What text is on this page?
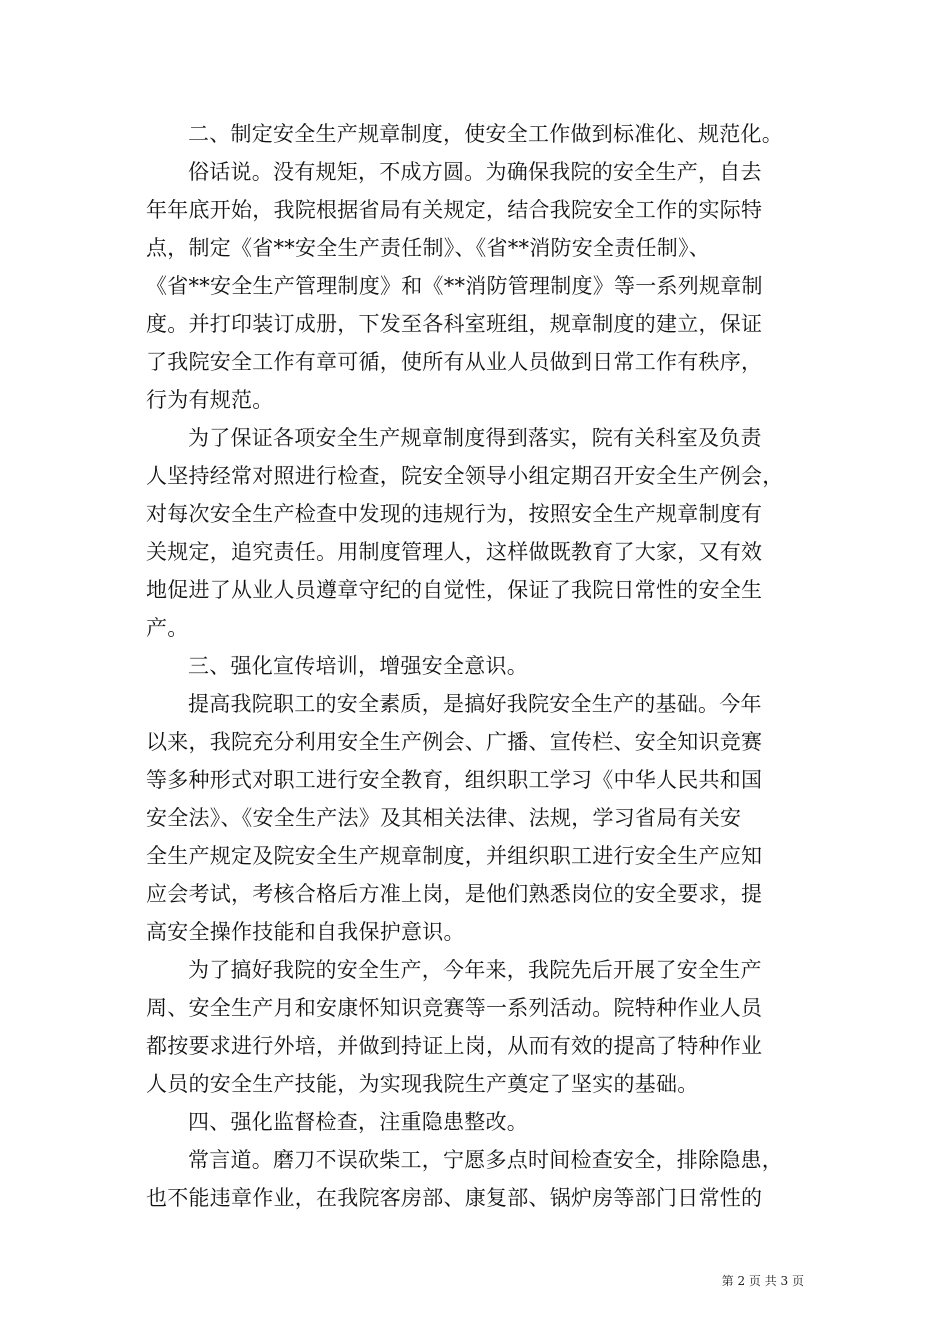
二、制定安全生产规章制度，使安全工作做到标准化、规范化。
俗话说。没有规矩，不成方圆。为确保我院的安全生产，自去
年年底开始，我院根据省局有关规定，结合我院安全工作的实际特
点，制定《省**安全生产责任制》、《省**消防安全责任制》、
《省**安全生产管理制度》和《**消防管理制度》等一系列规章制
度。并打印装订成册，下发至各科室班组，规章制度的建立，保证
了我院安全工作有章可循，使所有从业人员做到日常工作有秩序，
行为有规范。
为了保证各项安全生产规章制度得到落实，院有关科室及负责
人坚持经常对照进行检查，院安全领导小组定期召开安全生产例会，
对每次安全生产检查中发现的违规行为，按照安全生产规章制度有
关规定，追究责任。用制度管理人，这样做既教育了大家，又有效
地促进了从业人员遵章守纪的自觉性，保证了我院日常性的安全生
产。
三、强化宣传培训，增强安全意识。
提高我院职工的安全素质，是搞好我院安全生产的基础。今年
以来，我院充分利用安全生产例会、广播、宣传栏、安全知识竞赛
等多种形式对职工进行安全教育，组织职工学习《中华人民共和国
安全法》、《安全生产法》及其相关法律、法规，学习省局有关安
全生产规定及院安全生产规章制度，并组织职工进行安全生产应知
应会考试，考核合格后方准上岗，是他们熟悉岗位的安全要求，提
高安全操作技能和自我保护意识。
为了搞好我院的安全生产，今年来，我院先后开展了安全生产
周、安全生产月和安康怀知识竞赛等一系列活动。院特种作业人员
都按要求进行外培，并做到持证上岗，从而有效的提高了特种作业
人员的安全生产技能，为实现我院生产奠定了坚实的基础。
四、强化监督检查，注重隐患整改。
常言道。磨刀不误砍柴工，宁愿多点时间检查安全，排除隐患，
也不能违章作业，在我院客房部、康复部、锅炉房等部门日常性的
第 2 页 共 3 页
